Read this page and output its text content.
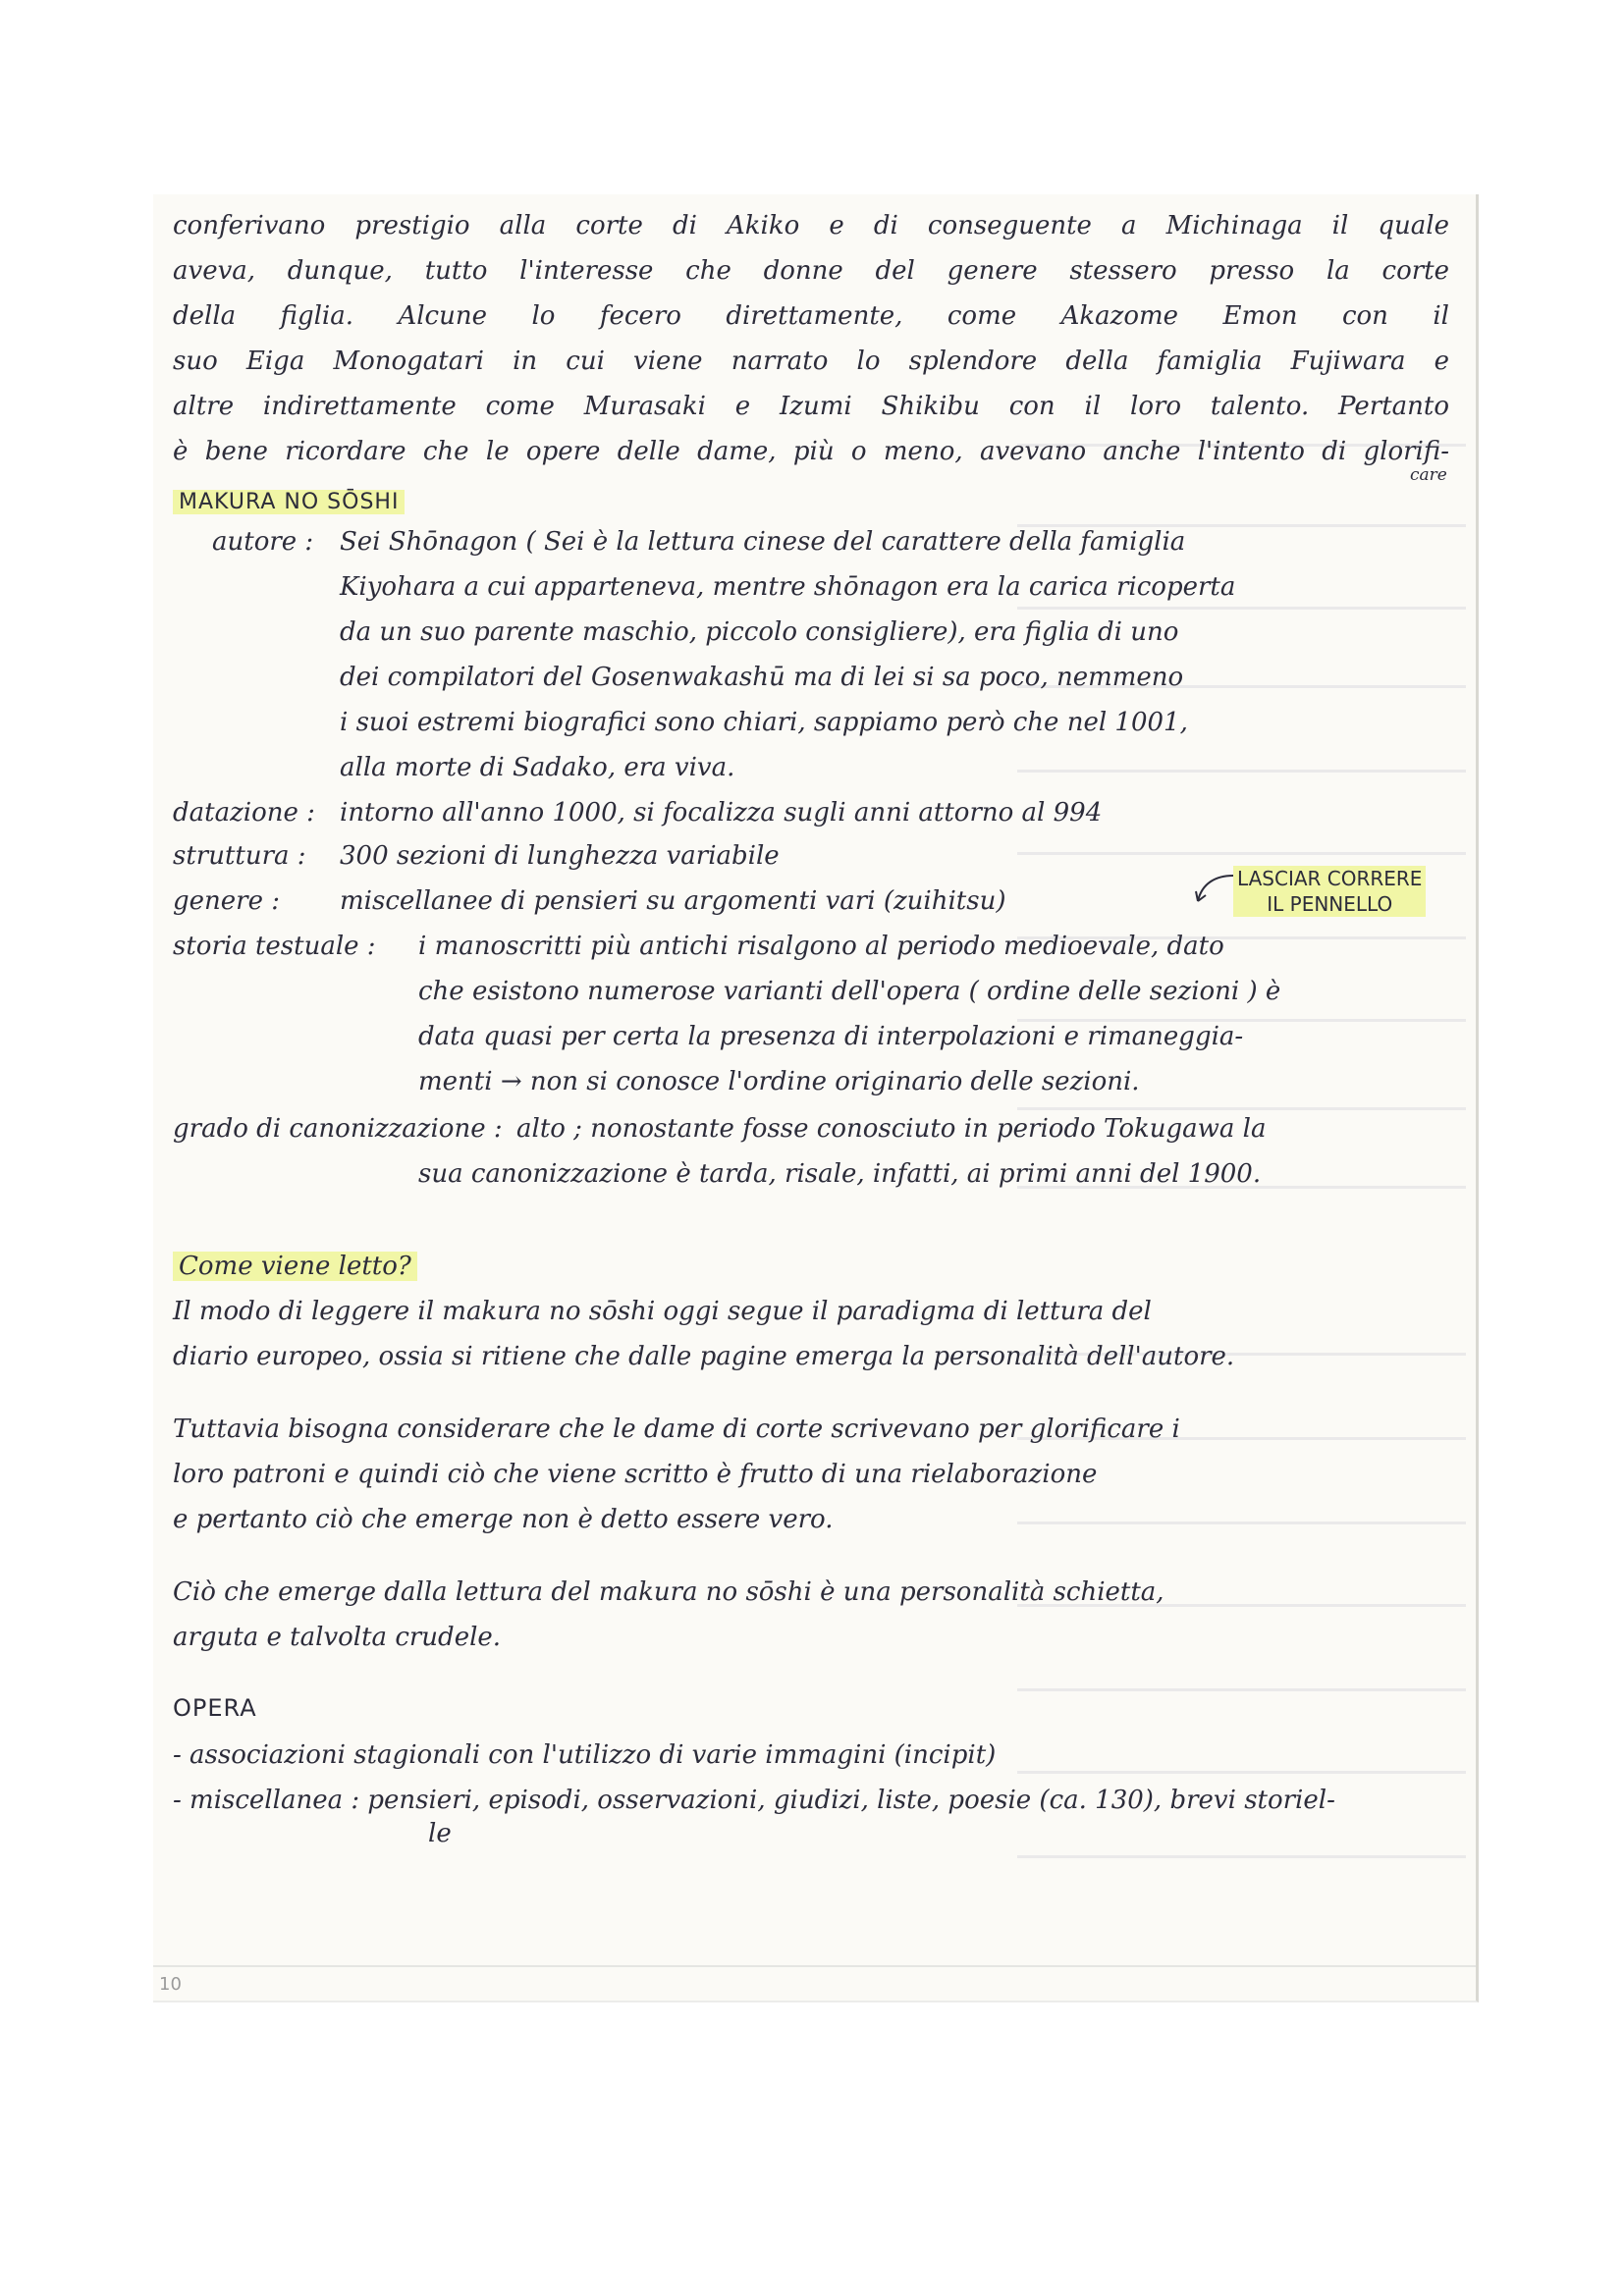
conferivano prestigio alla corte di Akiko e di conseguente a Michinaga il quale
aveva, dunque, tutto l'interesse che donne del genere stessero presso la corte
della figlia. Alcune lo fecero direttamente, come Akazome Emon con il
suo Eiga Monogatari in cui viene narrato lo splendore della famiglia Fujiwara e
altre indirettamente come Murasaki e Izumi Shikibu con il loro talento. Pertanto
è bene ricordare che le opere delle dame, più o meno, avevano anche l'intento di glorifi-
MAKURA NO SŌSHI
autore : Sei Shōnagon ( Sei è la lettura cinese del carattere della famiglia
Kiyohara a cui apparteneva, mentre shōnagon era la carica ricoperta
da un suo parente maschio, piccolo consigliere), era figlia di uno
dei compilatori del Gosenwakashū ma di lei si sa poco, nemmeno
i suoi estremi biografici sono chiari, sappiamo però che nel 1001,
alla morte di Sadako, era viva.
datazione : intorno all'anno 1000, si focalizza sugli anni attorno al 994
struttura : 300 sezioni di lunghezza variabile
genere : miscellanee di pensieri su argomenti vari (zuihitsu)
storia testuale : i manoscritti più antichi risalgono al periodo medioevale, dato
che esistono numerose varianti dell'opera ( ordine delle sezioni ) è
data quasi per certa la presenza di interpolazioni e rimaneggia-
menti → non si conosce l'ordine originario delle sezioni.
grado di canonizzazione : alto ; nonostante fosse conosciuto in periodo Tokugawa la
sua canonizzazione è tarda, risale, infatti, ai primi anni del 1900.
Come viene letto?
Il modo di leggere il makura no sōshi oggi segue il paradigma di lettura del
diario europeo, ossia si ritiene che dalle pagine emerga la personalità dell'autore.
Tuttavia bisogna considerare che le dame di corte scrivevano per glorificare i
loro patroni e quindi ciò che viene scritto è frutto di una rielaborazione
e pertanto ciò che emerge non è detto essere vero.
Ciò che emerge dalla lettura del makura no sōshi è una personalità schietta,
arguta e talvolta crudele.
OPERA
- associazioni stagionali con l'utilizzo di varie immagini (incipit)
- miscellanea : pensieri, episodi, osservazioni, giudizi, liste, poesie (ca. 130), brevi storiel-
le
care
LASCIAR CORRERE
IL PENNELLO
10
